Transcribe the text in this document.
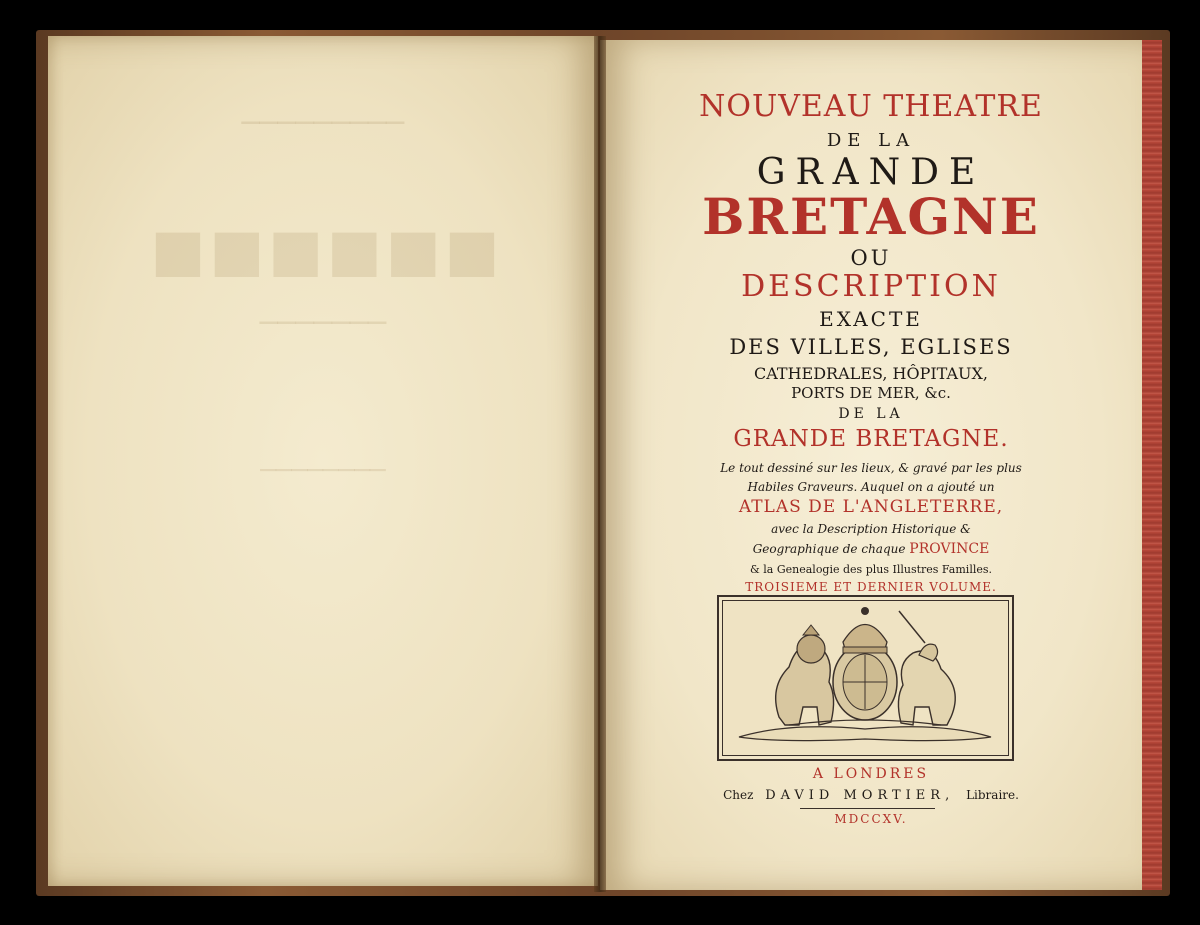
─────────
■■■■■■
───────
────────
NOUVEAU THEATRE
DE LA
GRANDE
BRETAGNE
OU
DESCRIPTION
EXACTE
DES VILLES, EGLISES
CATHEDRALES, HÔPITAUX,
PORTS DE MER, &c.
DE LA
GRANDE BRETAGNE.
Le tout dessiné sur les lieux, & gravé par les plus
Habiles Graveurs. Auquel on a ajouté un
ATLAS DE L'ANGLETERRE,
avec la Description Historique &
Geographique de chaque PROVINCE
& la Genealogie des plus Illustres Familles.
TROISIEME ET DERNIER VOLUME.
A LONDRES
Chez DAVID MORTIER, Libraire.
MDCCXV.
